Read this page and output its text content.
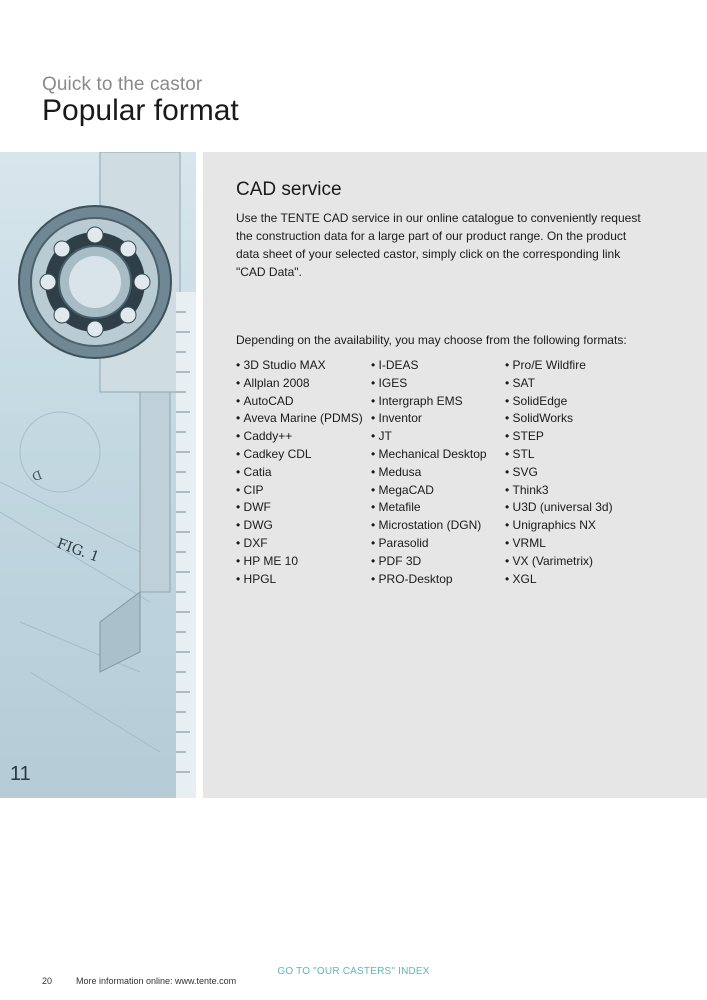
Quick to the castor
Popular format
D
FIG. 1
11
CAD service

Use the TENTE CAD service in our online catalogue to conveniently request the construction data for a large part of our product range. On the product data sheet of your selected castor, simply click on the corresponding link "CAD Data".

Depending on the availability, you may choose from the following formats:

• 3D Studio MAX
• Allplan 2008
• AutoCAD
• Aveva Marine (PDMS)
• Caddy++
• Cadkey CDL
• Catia
• CIP
• DWF
• DWG
• DXF
• HP ME 10
• HPGL
• I-DEAS
• IGES
• Intergraph EMS
• Inventor
• JT
• Mechanical Desktop
• Medusa
• MegaCAD
• Metafile
• Microstation (DGN)
• Parasolid
• PDF 3D
• PRO-Desktop
• Pro/E Wildfire
• SAT
• SolidEdge
• SolidWorks
• STEP
• STL
• SVG
• Think3
• U3D (universal 3d)
• Unigraphics NX
• VRML
• VX (Varimetrix)
• XGL
GO TO "OUR CASTERS" INDEX
20	More information online: www.tente.com
